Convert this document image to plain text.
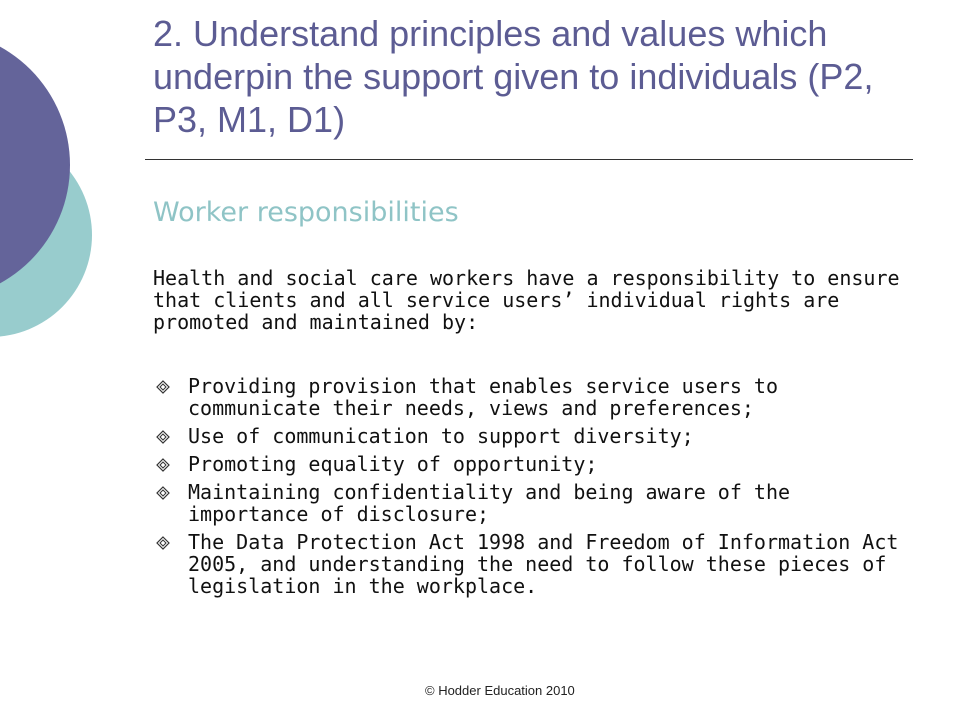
2. Understand principles and values which underpin the support given to individuals (P2, P3, M1, D1)
Worker responsibilities

Health and social care workers have a responsibility to ensure that clients and all service users’ individual rights are promoted and maintained by:

Providing provision that enables service users to communicate their needs, views and preferences;
Use of communication to support diversity;
Promoting equality of opportunity;
Maintaining confidentiality and being aware of the importance of disclosure;
The Data Protection Act 1998 and Freedom of Information Act 2005, and understanding the need to follow these pieces of legislation in the workplace.
© Hodder Education 2010
